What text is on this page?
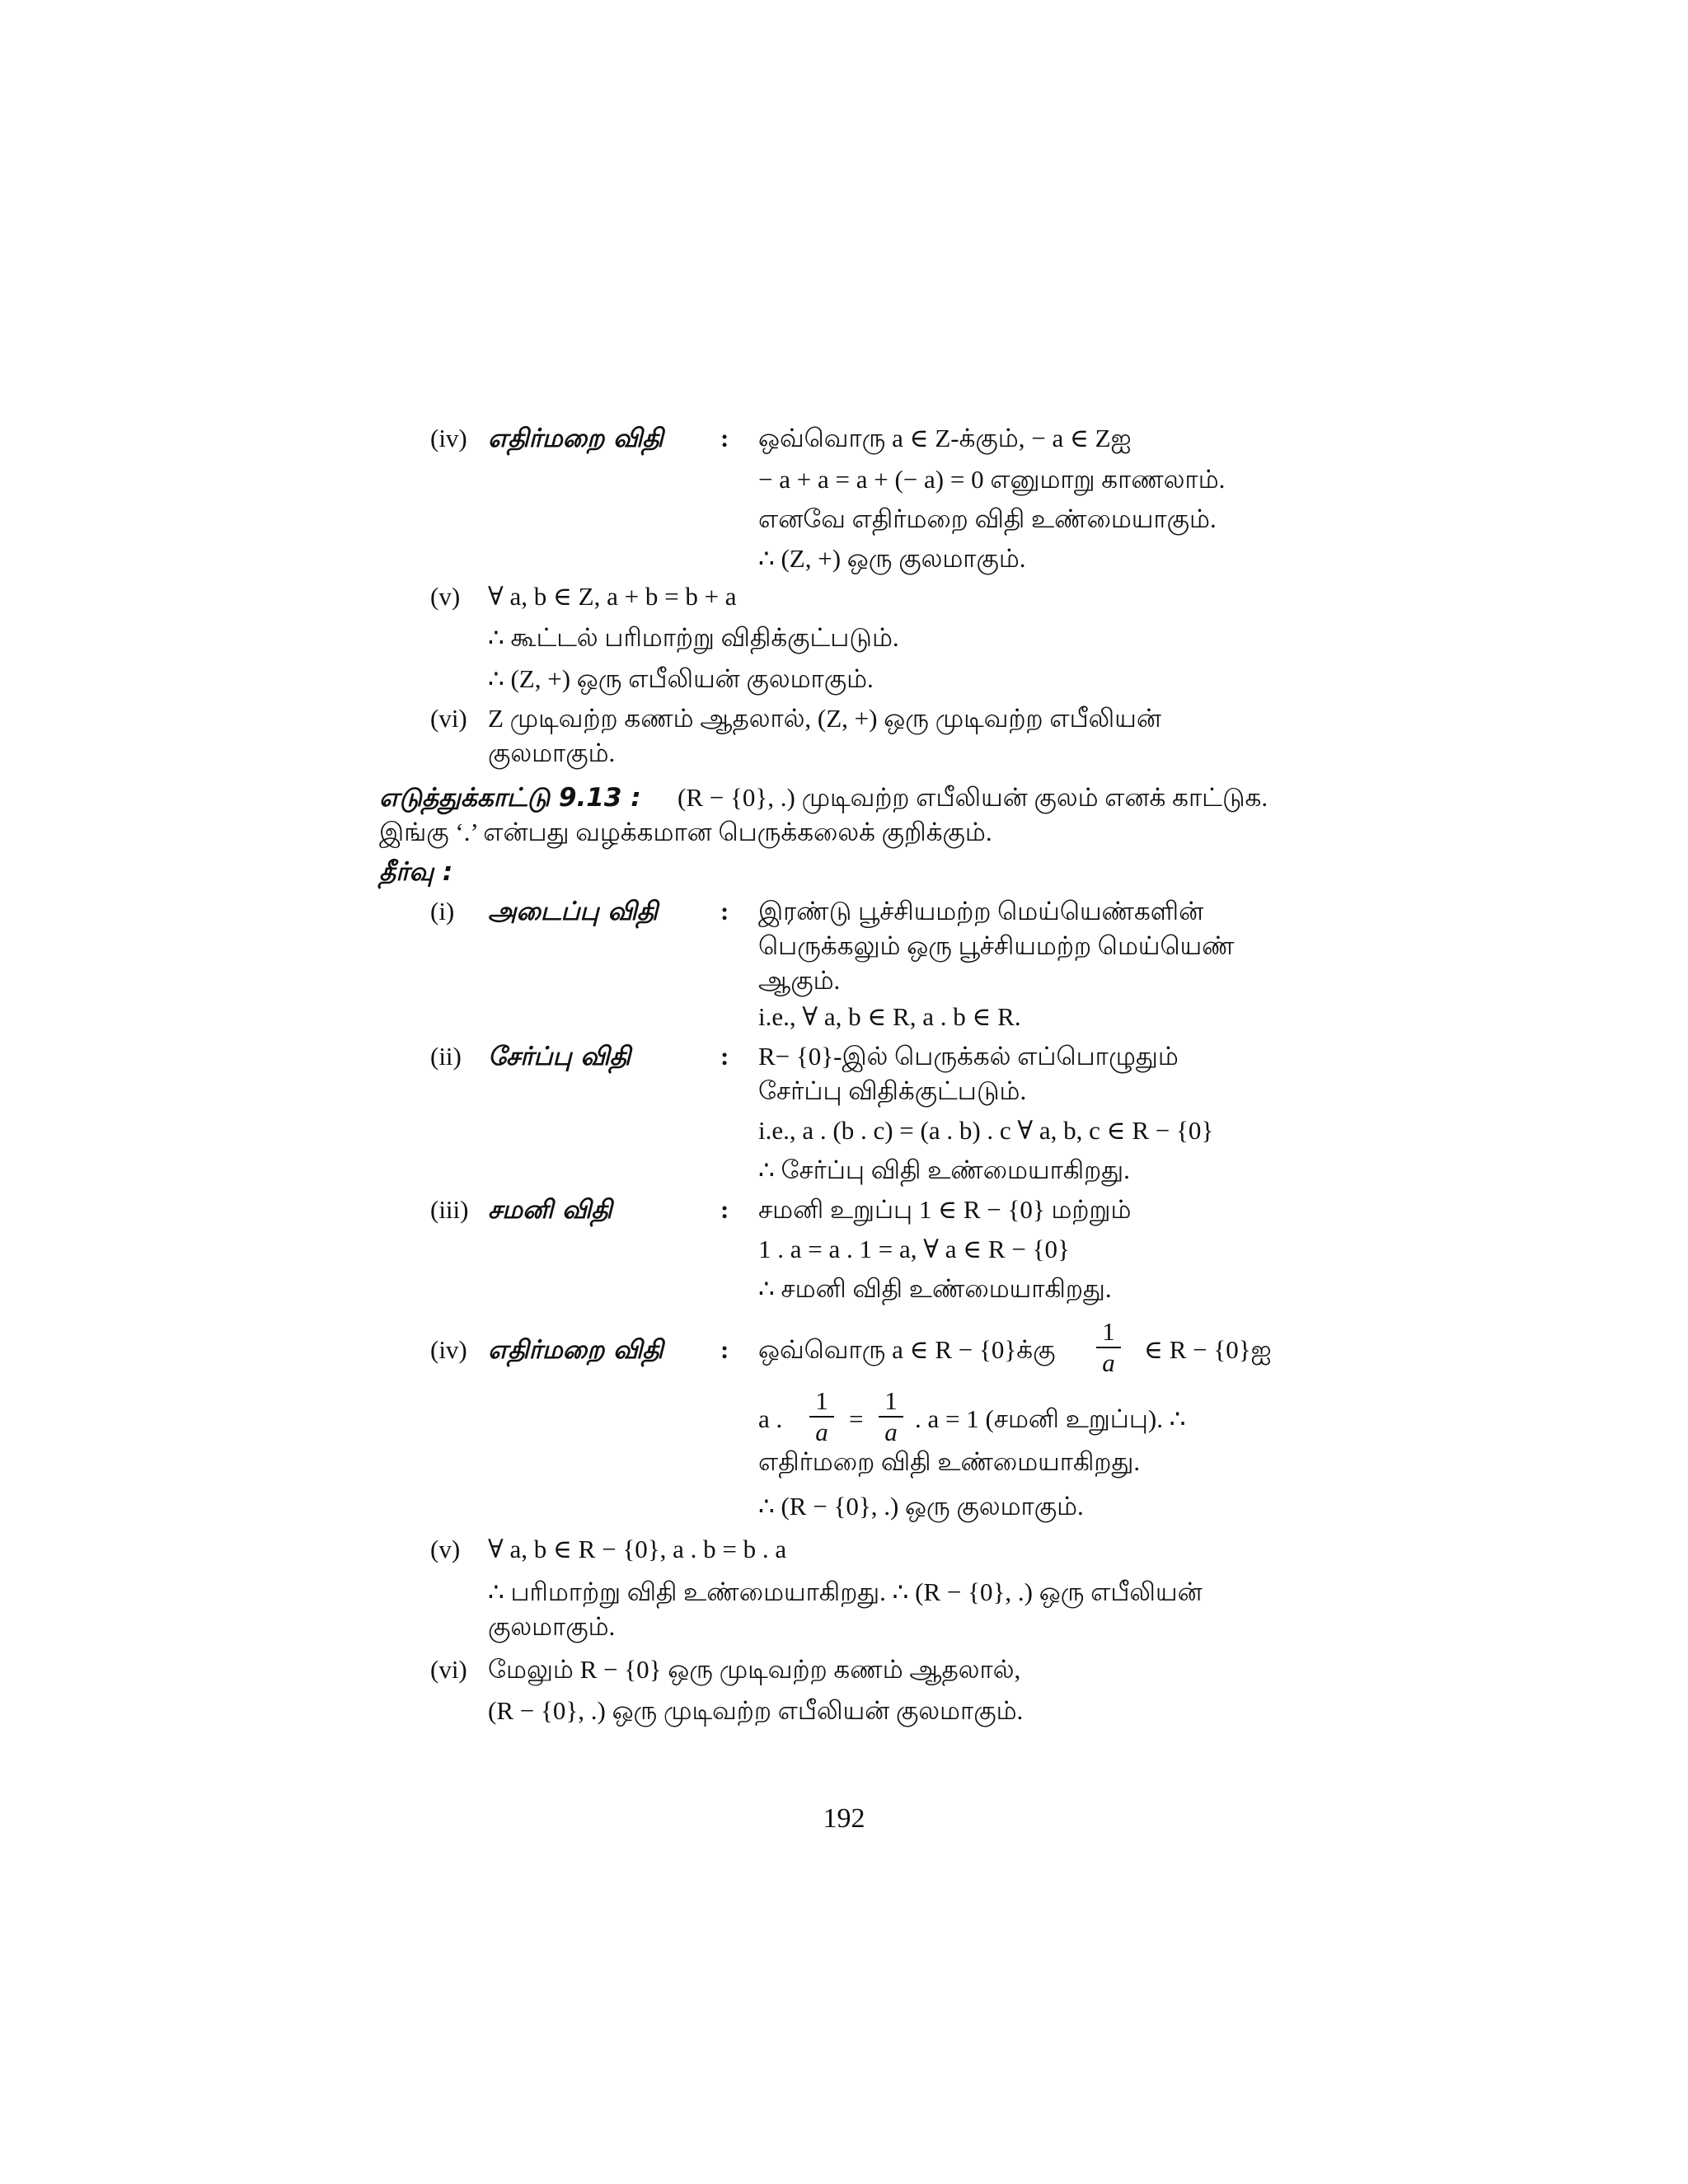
(iv) எதிர்மறை விதி : ஒவ்வொரு a ∈ Z-க்கும், − a ∈ Zஐ
− a + a = a + (− a) = 0 எனுமாறு காணலாம்.
எனவே எதிர்மறை விதி உண்மையாகும்.
∴ (Z, +) ஒரு குலமாகும்.
(v) ∀ a, b ∈ Z, a + b = b + a
∴ கூட்டல் பரிமாற்று விதிக்குட்படும்.
∴ (Z, +) ஒரு எபீலியன் குலமாகும்.
(vi) Z முடிவற்ற கணம் ஆதலால், (Z, +) ஒரு முடிவற்ற எபீலியன்
குலமாகும்.
எடுத்துக்காட்டு 9.13 : (R − {0}, .) முடிவற்ற எபீலியன் குலம் எனக் காட்டுக.
இங்கு ‘.’ என்பது வழக்கமான பெருக்கலைக் குறிக்கும்.
தீர்வு :
(i) அடைப்பு விதி : இரண்டு பூச்சியமற்ற மெய்யெண்களின்
பெருக்கலும் ஒரு பூச்சியமற்ற மெய்யெண்
ஆகும்.
i.e., ∀ a, b ∈ R, a . b ∈ R.
(ii) சேர்ப்பு விதி	: R− {0}-இல் பெருக்கல் எப்பொழுதும்
சேர்ப்பு விதிக்குட்படும்.
i.e., a . (b . c) = (a . b) . c ∀ a, b, c ∈ R − {0}
∴ சேர்ப்பு விதி உண்மையாகிறது.
(iii) சமனி விதி	: சமனி உறுப்பு 1 ∈ R − {0} மற்றும்
1 . a = a . 1 = a, ∀ a ∈ R − {0}
∴ சமனி விதி உண்மையாகிறது.
(iv) எதிர்மறை விதி : ஒவ்வொரு a ∈ R − {0}க்கு $\frac{1}{a}$ ∈ R − {0}ஐ
a . $\frac{1}{a} = \frac{1}{a}$ . a = 1 (சமனி உறுப்பு). ∴
எதிர்மறை விதி உண்மையாகிறது.
∴ (R − {0}, .) ஒரு குலமாகும்.
(v) ∀ a, b ∈ R − {0}, a . b = b . a
∴ பரிமாற்று விதி உண்மையாகிறது. ∴ (R − {0}, .) ஒரு எபீலியன்
குலமாகும்.
(vi) மேலும் R − {0} ஒரு முடிவற்ற கணம் ஆதலால்,
(R − {0}, .) ஒரு முடிவற்ற எபீலியன் குலமாகும்.
192
